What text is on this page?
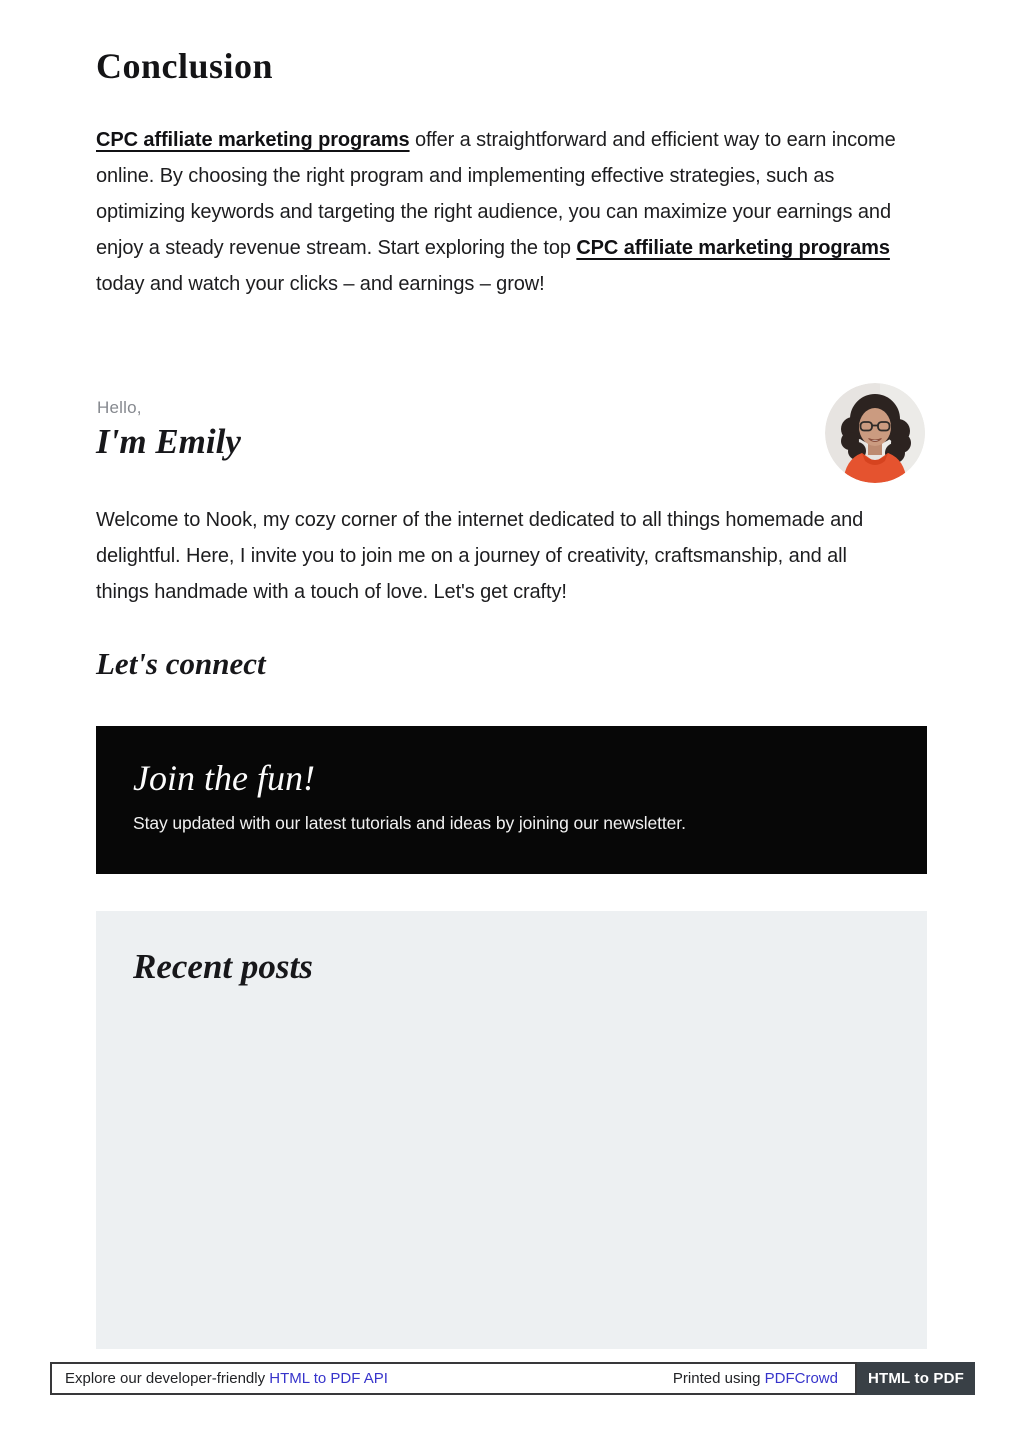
Conclusion

CPC affiliate marketing programs offer a straightforward and efficient way to earn income online. By choosing the right program and implementing effective strategies, such as optimizing keywords and targeting the right audience, you can maximize your earnings and enjoy a steady revenue stream. Start exploring the top CPC affiliate marketing programs today and watch your clicks – and earnings – grow!

Hello,
I'm Emily

Welcome to Nook, my cozy corner of the internet dedicated to all things homemade and delightful. Here, I invite you to join me on a journey of creativity, craftsmanship, and all things handmade with a touch of love. Let's get crafty!

Let's connect
Join the fun!

Stay updated with our latest tutorials and ideas by joining our newsletter.

Recent posts
Explore our developer-friendly HTML to PDF API	Printed using PDFCrowd	HTML to PDF
